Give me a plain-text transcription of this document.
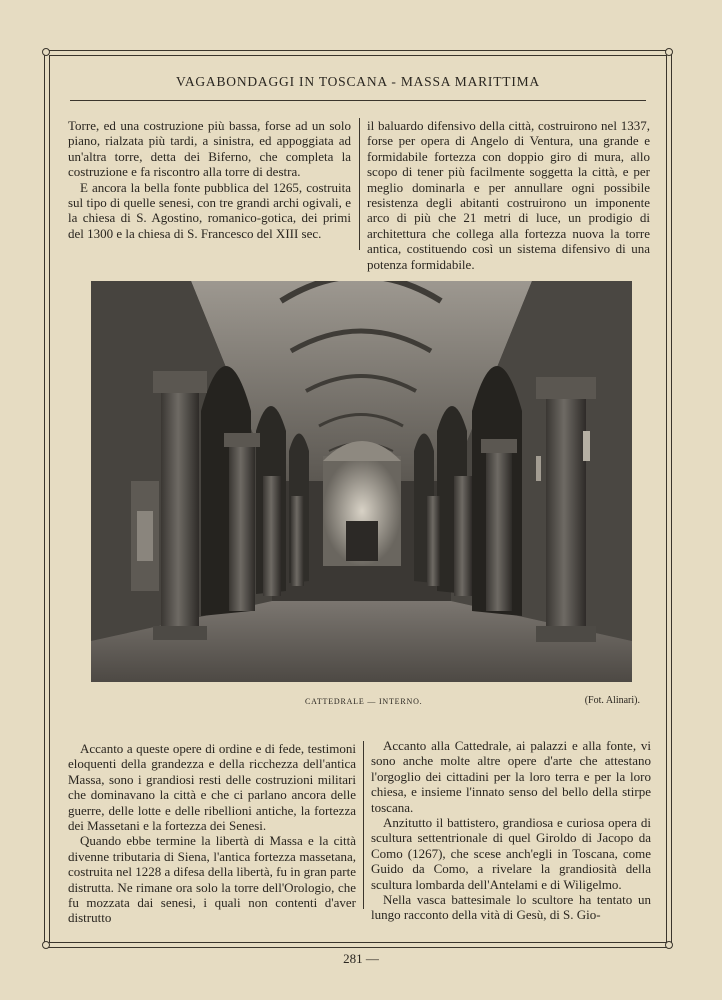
VAGABONDAGGI IN TOSCANA - MASSA MARITTIMA

Torre, ed una costruzione più bassa, forse ad un solo piano, rialzata più tardi, a sinistra, ed appoggiata ad un'altra torre, detta dei Biferno, che completa la costruzione e fa riscontro alla torre di destra.

E ancora la bella fonte pubblica del 1265, costruita sul tipo di quelle senesi, con tre grandi archi ogivali, e la chiesa di S. Agostino, romanico-gotica, dei primi del 1300 e la chiesa di S. Francesco del XIII sec.

il baluardo difensivo della città, costruirono nel 1337, forse per opera di Angelo di Ventura, una grande e formidabile fortezza con doppio giro di mura, allo scopo di tener più facilmente soggetta la città, e per meglio dominarla e per annullare ogni possibile resistenza degli abitanti costruirono un imponente arco di più che 21 metri di luce, un prodigio di architettura che collega alla fortezza nuova la torre antica, costituendo così un sistema difensivo di una potenza formidabile.

CATTEDRALE — INTERNO.	(Fot. Alinari).

Accanto a queste opere di ordine e di fede, testimoni eloquenti della grandezza e della ricchezza dell'antica Massa, sono i grandiosi resti delle costruzioni militari che dominavano la città e che ci parlano ancora delle guerre, delle lotte e delle ribellioni antiche, la fortezza dei Massetani e la fortezza dei Senesi.

Quando ebbe termine la libertà di Massa e la città divenne tributaria di Siena, l'antica fortezza massetana, costruita nel 1228 a difesa della libertà, fu in gran parte distrutta. Ne rimane ora solo la torre dell'Orologio, che fu mozzata dai senesi, i quali non contenti d'aver distrutto

Accanto alla Cattedrale, ai palazzi e alla fonte, vi sono anche molte altre opere d'arte che attestano l'orgoglio dei cittadini per la loro terra e per la loro chiesa, e insieme l'innato senso del bello della stirpe toscana.

Anzitutto il battistero, grandiosa e curiosa opera di scultura settentrionale di quel Giroldo di Jacopo da Como (1267), che scese anch'egli in Toscana, come Guido da Como, a rivelare la grandiosità della scultura lombarda dell'Antelami e di Wiligelmo.

Nella vasca battesimale lo scultore ha tentato un lungo racconto della vità di Gesù, di S. Gio-

281 —
